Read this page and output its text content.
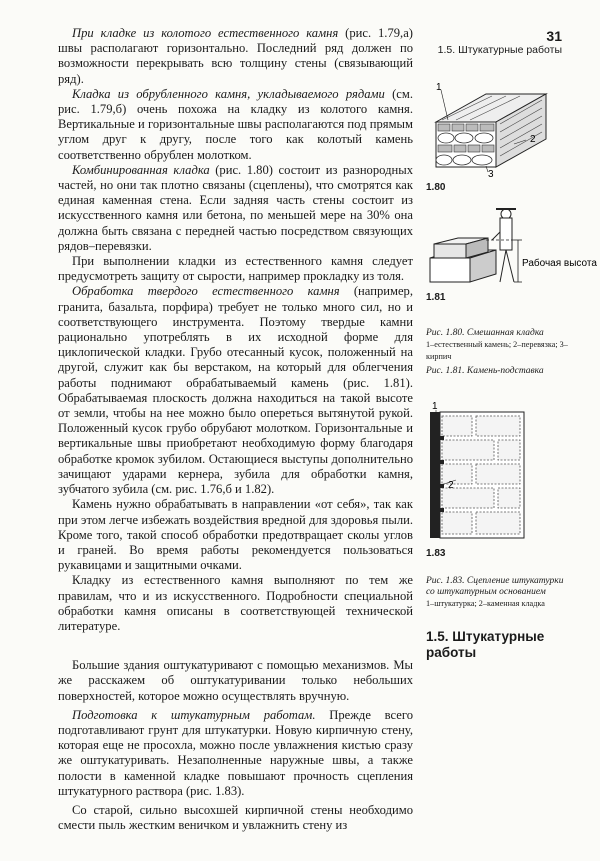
31
1.5. Штукатурные работы

При кладке из колотого естественного камня (рис. 1.79,а) швы располагают горизонтально. Последний ряд должен по возможности перекрывать всю толщину стены (связывающий ряд).

Кладка из обрубленного камня, укладываемого рядами (см. рис. 1.79,б) очень похожа на кладку из колотого камня. Вертикальные и горизонтальные швы располагаются под прямым углом друг к другу, после того как колотый камень соответственно обрублен молотком.

Комбинированная кладка (рис. 1.80) состоит из разнородных частей, но они так плотно связаны (сцеплены), что смотрятся как единая каменная стена. Если задняя часть стены состоит из искусственного камня или бетона, по меньшей мере на 30% она должна быть связана с передней частью посредством связующих рядов–перевязки.

При выполнении кладки из естественного камня следует предусмотреть защиту от сырости, например прокладку из толя.

Обработка твердого естественного камня (например, гранита, базальта, порфира) требует не только много сил, но и соответствующего инструмента. Поэтому твердые камни рационально употреблять в их исходной форме для циклопической кладки. Грубо отесанный кусок, положенный на другой, служит как бы верстаком, на который для облегчения работы поднимают обрабатываемый камень (рис. 1.81). Обрабатываемая плоскость должна находиться на такой высоте от земли, чтобы на нее можно было опереться вытянутой рукой. Положенный кусок грубо обрубают молотком. Горизонтальные и вертикальные швы приобретают необходимую форму благодаря обработке кромок зубилом. Остающиеся выступы дополнительно зачищают ударами кернера, зубила для обработки камня, зубчатого зубила (см. рис. 1.76,б и 1.82).

Камень нужно обрабатывать в направлении «от себя», так как при этом легче избежать воздействия вредной для здоровья пыли. Кроме того, такой способ обработки предотвращает сколы углов и граней. Во время работы рекомендуется пользоваться рукавицами и защитными очками.

Кладку из естественного камня выполняют по тем же правилам, что и из искусственного. Подробности специальной обработки камня описаны в соответствующей технической литературе.

Большие здания оштукатуривают с помощью механизмов. Мы же расскажем об оштукатуривании только небольших поверхностей, которое можно осуществлять вручную.

Подготовка к штукатурным работам. Прежде всего подготавливают грунт для штукатурки. Новую кирпичную стену, которая еще не просохла, можно после увлажнения кистью сразу же оштукатуривать. Незаполненные наружные швы, а также полости в каменной кладке повышают прочность сцепления штукатурного раствора (рис. 1.83).

Со старой, сильно высохшей кирпичной стены необходимо смести пыль жестким веничком и увлажнить стену из

1
2
3
1.80
Рабочая высота
1.81
Рис. 1.80. Смешанная кладка
1–естественный камень; 2–перевязка; 3–кирпич
Рис. 1.81. Камень-подставка
1
2
1.83
Рис. 1.83. Сцепление штукатурки со штукатурным основанием
1–штукатурка; 2–каменная кладка
1.5. Штукатурные работы
